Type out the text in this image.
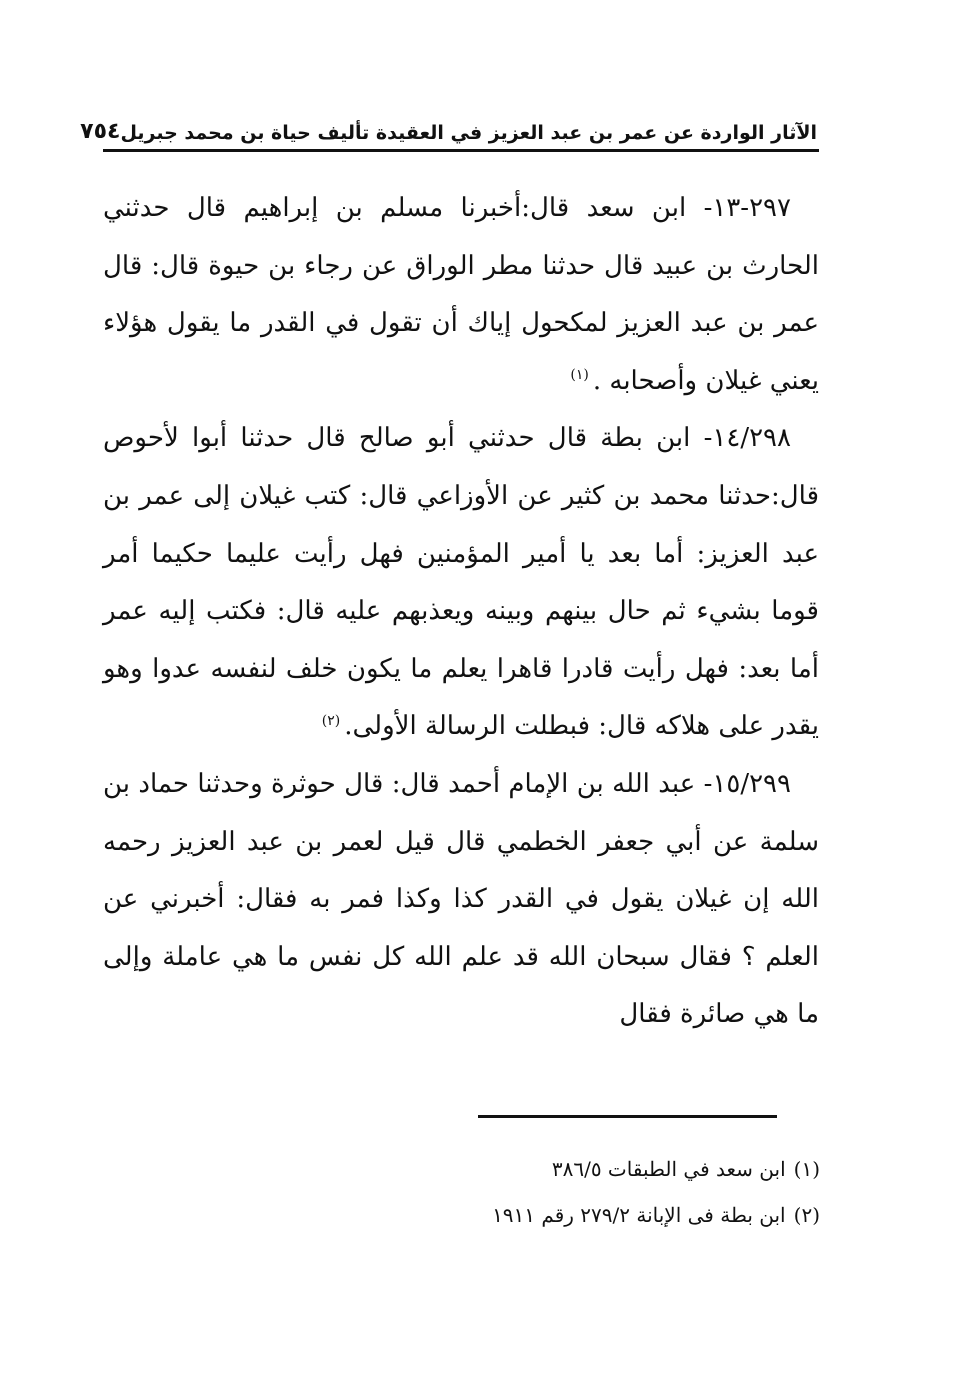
الآثار الواردة عن عمر بن عبد العزيز في العقيدة تأليف حياة بن محمد جبريل
٧٥٤

٢٩٧-١٣- ابن سعد قال:أخبرنا مسلم بن إبراهيم قال حدثني الحارث بن عبيد قال حدثنا مطر الوراق عن رجاء بن حيوة قال: قال عمر بن عبد العزيز لمكحول إياك أن تقول في القدر ما يقول هؤلاء يعني غيلان وأصحابه .$^{(١)}$

١٤/٢٩٨- ابن بطة قال حدثني أبو صالح قال حدثنا أبوا لأحوص قال:حدثنا محمد بن كثير عن الأوزاعي قال: كتب غيلان إلى عمر بن عبد العزيز: أما بعد يا أمير المؤمنين فهل رأيت عليما حكيما أمر قوما بشيء ثم حال بينهم وبينه ويعذبهم عليه قال: فكتب إليه عمر أما بعد: فهل رأيت قادرا قاهرا يعلم ما يكون خلف لنفسه عدوا وهو يقدر على هلاكه قال: فبطلت الرسالة الأولى.$^{(٢)}$

١٥/٢٩٩- عبد الله بن الإمام أحمد قال: قال حوثرة وحدثنا حماد بن سلمة عن أبي جعفر الخطمي قال قيل لعمر بن عبد العزيز رحمه الله إن غيلان يقول في القدر كذا وكذا فمر به فقال: أخبرني عن العلم ؟ فقال سبحان الله قد علم الله كل نفس ما هي عاملة وإلى ما هي صائرة فقال

(١)ابن سعد في الطبقات ٣٨٦/٥
(٢)ابن بطة فى الإبانة ٢٧٩/٢ رقم ١٩١١
